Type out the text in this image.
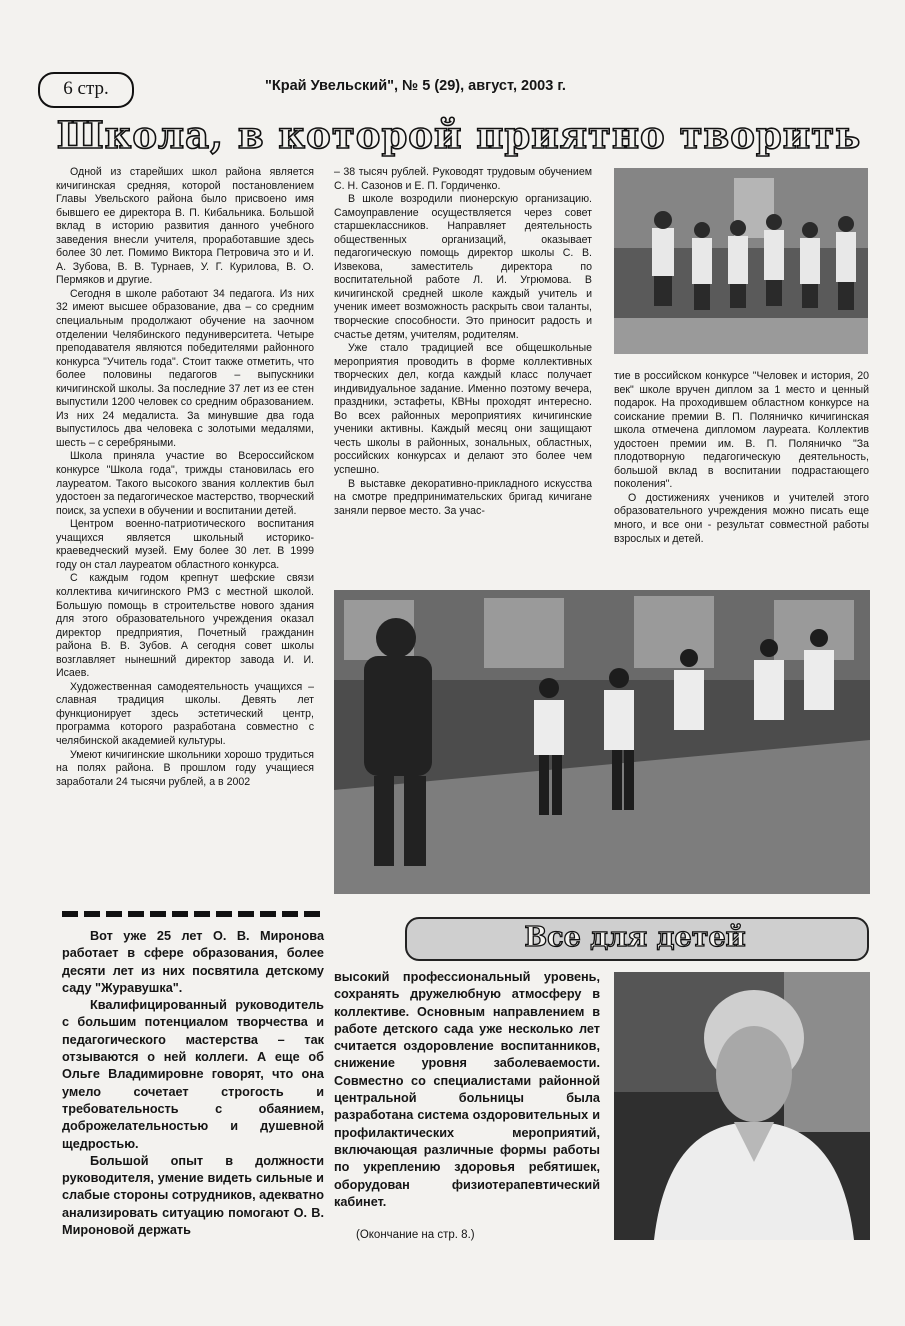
6 стр.	"Край Увельский", № 5 (29), август, 2003 г.
Школа, в которой приятно творить

Одной из старейших школ района является кичигинская средняя, которой постановлением Главы Увельского района было присвоено имя бывшего ее директора В. П. Кибальника. Большой вклад в историю развития данного учебного заведения внесли учителя, проработавшие здесь более 30 лет. Помимо Виктора Петровича это и И. А. Зубова, В. В. Турнаев, У. Г. Курилова, В. О. Пермяков и другие.

Сегодня в школе работают 34 педагога. Из них 32 имеют высшее образование, два – со средним специальным продолжают обучение на заочном отделении Челябинского педуниверситета. Четыре преподавателя являются победителями районного конкурса "Учитель года". Стоит также отметить, что более половины педагогов – выпускники кичигинской школы. За последние 37 лет из ее стен выпустили 1200 человек со средним образованием. Из них 24 медалиста. За минувшие два года выпустилось два человека с золотыми медалями, шесть – с серебряными.

Школа приняла участие во Всероссийском конкурсе "Школа года", трижды становилась его лауреатом. Такого высокого звания коллектив был удостоен за педагогическое мастерство, творческий поиск, за успехи в обучении и воспитании детей.

Центром военно-патриотического воспитания учащихся является школьный историко-краеведческий музей. Ему более 30 лет. В 1999 году он стал лауреатом областного конкурса.

С каждым годом крепнут шефские связи коллектива кичигинского РМЗ с местной школой. Большую помощь в строительстве нового здания для этого образовательного учреждения оказал директор предприятия, Почетный гражданин района В. В. Зубов. А сегодня совет школы возглавляет нынешний директор завода И. И. Исаев.

Художественная самодеятельность учащихся – славная традиция школы. Девять лет функционирует здесь эстетический центр, программа которого разработана совместно с челябинской академией культуры.

Умеют кичигинские школьники хорошо трудиться на полях района. В прошлом году учащиеся заработали 24 тысячи рублей, а в 2002

– 38 тысяч рублей. Руководят трудовым обучением С. Н. Сазонов и Е. П. Гордиченко.

В школе возродили пионерскую организацию. Самоуправление осуществляется через совет старшеклассников. Направляет деятельность общественных организаций, оказывает педагогическую помощь директор школы С. В. Извекова, заместитель директора по воспитательной работе Л. И. Угрюмова. В кичигинской средней школе каждый учитель и ученик имеет возможность раскрыть свои таланты, творческие способности. Это приносит радость и счастье детям, учителям, родителям.

Уже стало традицией все общешкольные мероприятия проводить в форме коллективных творческих дел, когда каждый класс получает индивидуальное задание. Именно поэтому вечера, праздники, эстафеты, КВНы проходят интересно. Во всех районных мероприятиях кичигинские ученики активны. Каждый месяц они защищают честь школы в районных, зональных, областных, российских конкурсах и делают это более чем успешно.

В выставке декоративно-прикладного искусства на смотре предпринимательских бригад кичигане заняли первое место. За учас-

тие в российском конкурсе "Человек и история, 20 век" школе вручен диплом за 1 место и ценный подарок. На проходившем областном конкурсе на соискание премии В. П. Поляничко кичигинская школа отмечена дипломом лауреата. Коллектив удостоен премии им. В. П. Поляничко "За плодотворную педагогическую деятельность, большой вклад в воспитании подрастающего поколения".

О достижениях учеников и учителей этого образовательного учреждения можно писать еще много, и все они - результат совместной работы взрослых и детей.

Все для детей

Вот уже 25 лет О. В. Миронова работает в сфере образования, более десяти лет из них посвятила детскому саду "Журавушка".

Квалифицированный руководитель с большим потенциалом творчества и педагогического мастерства – так отзываются о ней коллеги. А еще об Ольге Владимировне говорят, что она умело сочетает строгость и требовательность с обаянием, доброжелательностью и душевной щедростью.

Большой опыт в должности руководителя, умение видеть сильные и слабые стороны сотрудников, адекватно анализировать ситуацию помогают О. В. Мироновой держать

высокий профессиональный уровень, сохранять дружелюбную атмосферу в коллективе. Основным направлением в работе детского сада уже несколько лет считается оздоровление воспитанников, снижение уровня заболеваемости. Совместно со специалистами районной центральной больницы была разработана система оздоровительных и профилактических мероприятий, включающая различные формы работы по укреплению здоровья ребятишек, оборудован физиотерапевтический кабинет.

(Окончание на стр. 8.)
